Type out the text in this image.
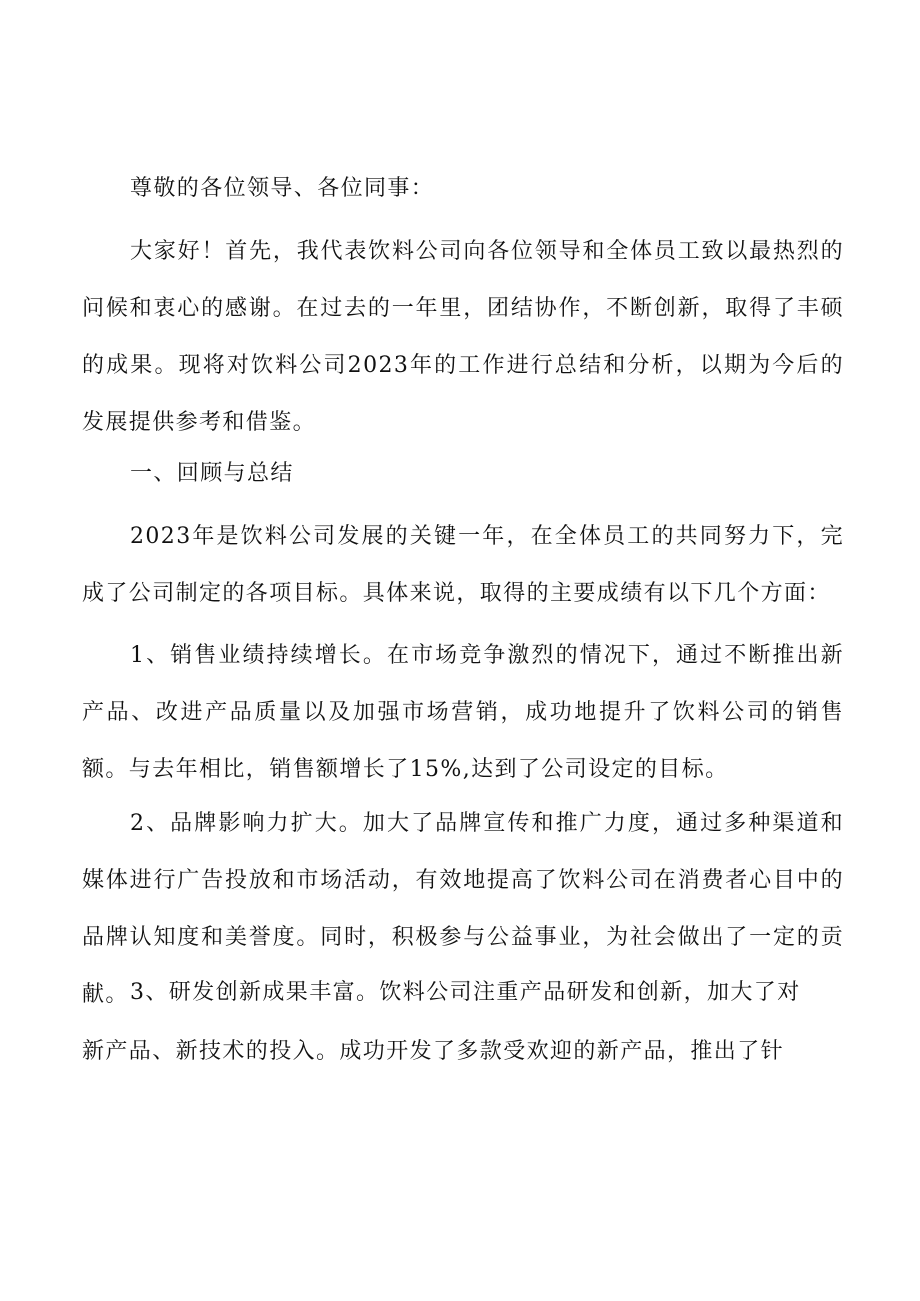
尊敬的各位领导、各位同事：

大家好！首先，我代表饮料公司向各位领导和全体员工致以最热烈的问候和衷心的感谢。在过去的一年里，团结协作，不断创新，取得了丰硕的成果。现将对饮料公司2023年的工作进行总结和分析，以期为今后的发展提供参考和借鉴。

一、回顾与总结

2023年是饮料公司发展的关键一年，在全体员工的共同努力下，完成了公司制定的各项目标。具体来说，取得的主要成绩有以下几个方面：

1、销售业绩持续增长。在市场竞争激烈的情况下，通过不断推出新产品、改进产品质量以及加强市场营销，成功地提升了饮料公司的销售额。与去年相比，销售额增长了15%,达到了公司设定的目标。

2、品牌影响力扩大。加大了品牌宣传和推广力度，通过多种渠道和媒体进行广告投放和市场活动，有效地提高了饮料公司在消费者心目中的品牌认知度和美誉度。同时，积极参与公益事业，为社会做出了一定的贡献。 3、研发创新成果丰富。饮料公司注重产品研发和创新，加大了对
新产品、新技术的投入。成功开发了多款受欢迎的新产品，推出了针
